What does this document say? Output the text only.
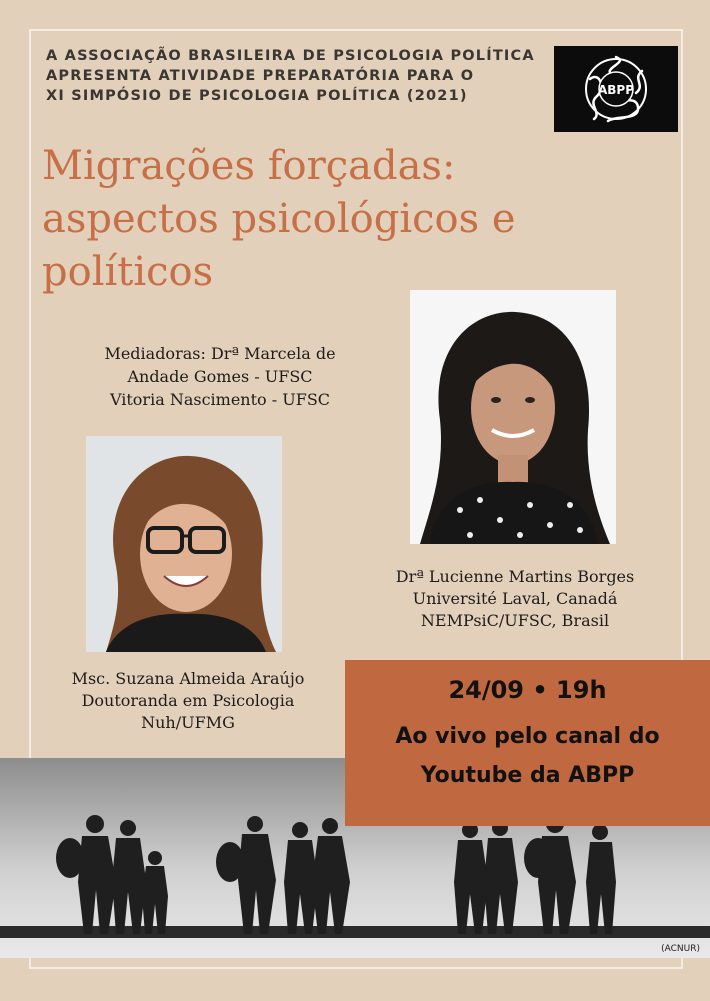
A ASSOCIAÇÃO BRASILEIRA DE PSICOLOGIA POLÍTICA
APRESENTA ATIVIDADE PREPARATÓRIA PARA O
XI SIMPÓSIO DE PSICOLOGIA POLÍTICA (2021)	ABPP
Migrações forçadas:
aspectos psicológicos e
políticos
Mediadoras: Drª Marcela de
Andade Gomes - UFSC
Vitoria Nascimento - UFSC
Drª Lucienne Martins Borges
Université Laval, Canadá
NEMPsiC/UFSC, Brasil
Msc. Suzana Almeida Araújo
Doutoranda em Psicologia
Nuh/UFMG
24/09 • 19h
Ao vivo pelo canal do
Youtube da ABPP
(ACNUR)
